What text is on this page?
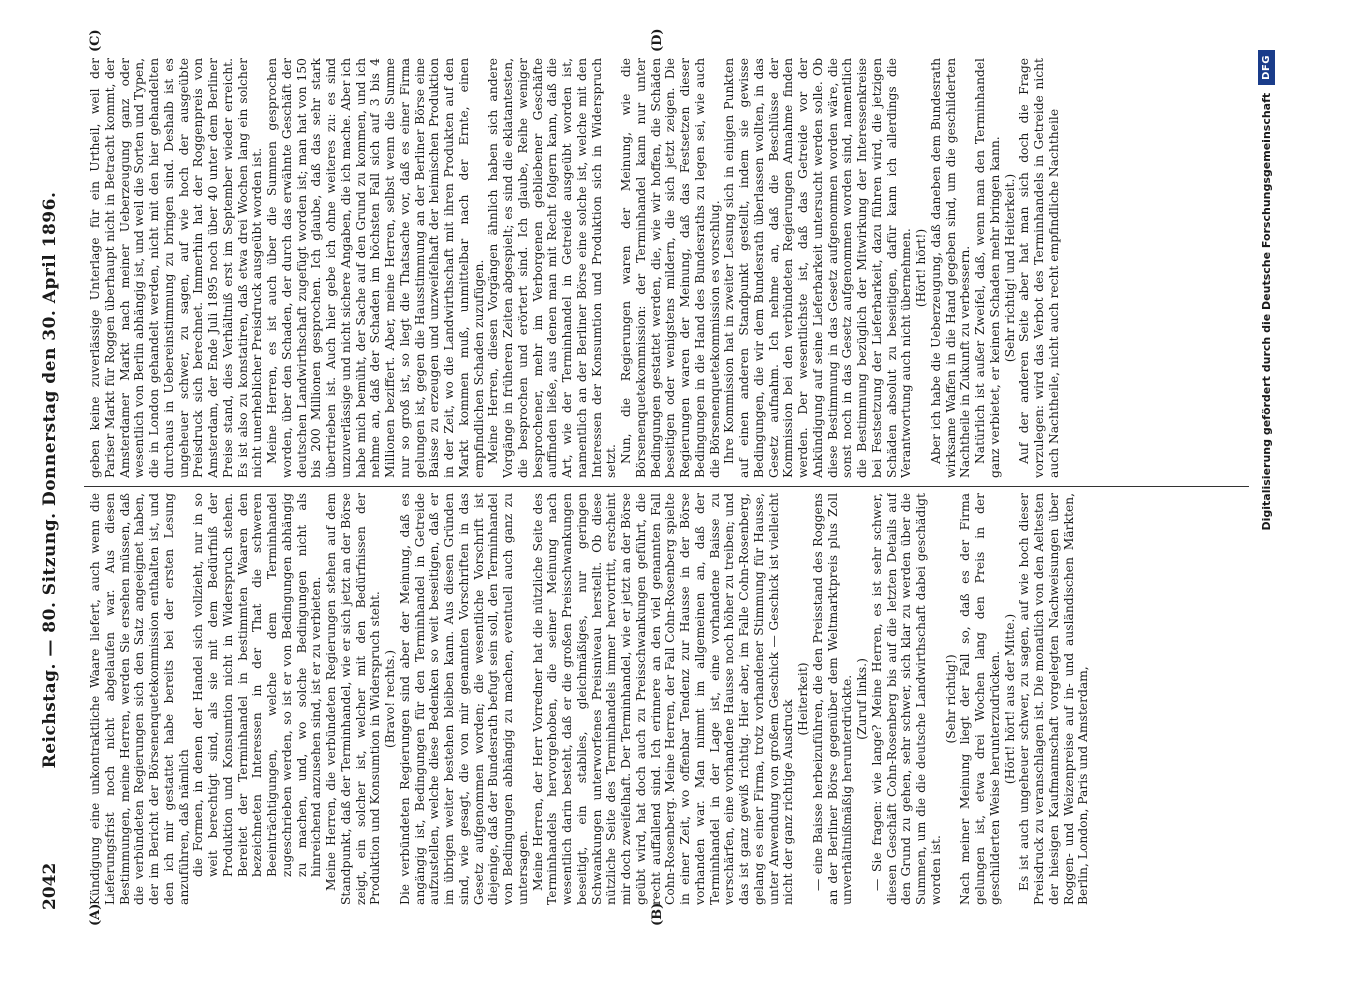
2042
Reichstag. — 80. Sitzung. Donnerstag den 30. April 1896.
(A)	(B)
(C)	(D)

Kündigung eine unkontraktliche Waare liefert, auch wenn die Lieferungsfrist noch nicht abgelaufen war. Aus diesen Bestimmungen, meine Herren, werden Sie ersehen müssen, daß die verbündeten Regierungen sich den Satz angeeignet haben, der im Bericht der Börsenenquetekommission enthalten ist, und den ich mir gestattet habe bereits bei der ersten Lesung anzuführen, daß nämlich die Formen, in denen der Handel sich vollzieht, nur in so weit berechtigt sind, als sie mit dem Bedürfniß der Produktion und Konsumtion nicht in Widerspruch stehen. Bereitet der Terminhandel in bestimmten Waaren den bezeichneten Interessen in der That die schweren Beeinträchtigungen, welche dem Terminhandel zugeschrieben werden, so ist er von Bedingungen abhängig zu machen, und, wo solche Bedingungen nicht als hinreichend anzusehen sind, ist er zu verbieten. Meine Herren, die verbündeten Regierungen stehen auf dem Standpunkt, daß der Terminhandel, wie er sich jetzt an der Börse zeigt, ein solcher ist, welcher mit den Bedürfnissen der Produktion und Konsumtion in Widerspruch steht. (Bravo! rechts.) Die verbündeten Regierungen sind aber der Meinung, daß es angängig ist, Bedingungen für den Terminhandel in Getreide aufzustellen, welche diese Bedenken so weit beseitigen, daß er im übrigen weiter bestehen bleiben kann. Aus diesen Gründen sind, wie gesagt, die von mir genannten Vorschriften in das Gesetz aufgenommen worden; die wesentliche Vorschrift ist diejenige, daß der Bundesrath befugt sein soll, den Terminhandel von Bedingungen abhängig zu machen, eventuell auch ganz zu untersagen. Meine Herren, der Herr Vorredner hat die nützliche Seite des Terminhandels hervorgehoben, die seiner Meinung nach wesentlich darin besteht, daß er die großen Preisschwankungen beseitigt, ein stabiles, gleichmäßiges, nur geringen Schwankungen unterworfenes Preisniveau herstellt. Ob diese nützliche Seite des Terminhandels immer hervortritt, erscheint mir doch zweifelhaft. Der Terminhandel, wie er jetzt an der Börse geübt wird, hat doch auch zu Preisschwankungen geführt, die recht auffallend sind. Ich erinnere an den viel genannten Fall Cohn-Rosenberg. Meine Herren, der Fall Cohn-Rosenberg spielte in einer Zeit, wo offenbar Tendenz zur Hausse in der Börse vorhanden war. Man nimmt im allgemeinen an, daß der Terminhandel in der Lage ist, eine vorhandene Baisse zu verschärfen, eine vorhandene Hausse noch höher zu treiben; und das ist ganz gewiß richtig. Hier aber, im Falle Cohn-Rosenberg, gelang es einer Firma, trotz vorhandener Stimmung für Hausse, unter Anwendung von großem Geschick — Geschick ist vielleicht nicht der ganz richtige Ausdruck

(Heiterkeit) — eine Baisse herbeizuführen, die den Preisstand des Roggens an der Berliner Börse gegenüber dem Weltmarktpreis plus Zoll unverhältnißmäßig herunterdrückte. (Zuruf links.) — Sie fragen: wie lange? Meine Herren, es ist sehr schwer, diesen Geschäft Cohn-Rosenberg bis auf die letzten Details auf den Grund zu gehen, sehr schwer, sich klar zu werden über die Summen, um die die deutsche Landwirthschaft dabei geschädigt worden ist.

(Sehr richtig!) Nach meiner Meinung liegt der Fall so, daß es der Firma gelungen ist, etwa drei Wochen lang den Preis in der geschilderten Weise herunterzudrücken. (Hört! hört! aus der Mitte.) Es ist auch ungeheuer schwer, zu sagen, auf wie hoch dieser Preisdruck zu veranschlagen ist. Die monatlich von den Aeltesten der hiesigen Kaufmannschaft vorgelegten Nachweisungen über Roggen- und Weizenpreise auf in- und ausländischen Märkten, Berlin, London, Paris und Amsterdam,

geben keine zuverlässige Unterlage für ein Urtheil, weil der Pariser Markt für Roggen überhaupt nicht in Betracht kommt, der Amsterdamer Markt nach meiner Ueberzeugung ganz oder wesentlich von Berlin abhängig ist, und weil die Sorten und Typen, die in London gehandelt werden, nicht mit den hier gehandelten durchaus in Uebereinstimmung zu bringen sind. Deshalb ist es ungeheuer schwer, zu sagen, auf wie hoch der ausgeübte Preisdruck sich berechnet. Immerhin hat der Roggenpreis von Amsterdam, der Ende Juli 1895 noch über 40 unter dem Berliner Preise stand, dies Verhältniß erst im September wieder erreicht. Es ist also zu konstatiren, daß etwa drei Wochen lang ein solcher nicht unerheblicher Preisdruck ausgeübt worden ist. Meine Herren, es ist auch über die Summen gesprochen worden, über den Schaden, der durch das erwähnte Geschäft der deutschen Landwirthschaft zugefügt worden ist; man hat von 150 bis 200 Millionen gesprochen. Ich glaube, daß das sehr stark übertrieben ist. Auch hier gebe ich ohne weiteres zu: es sind unzuverlässige und nicht sichere Angaben, die ich mache. Aber ich habe mich bemüht, der Sache auf den Grund zu kommen, und ich nehme an, daß der Schaden im höchsten Fall sich auf 3 bis 4 Millionen beziffert. Aber, meine Herren, selbst wenn die Summe nur so groß ist, so liegt die Thatsache vor, daß es einer Firma gelungen ist, gegen die Hausstimmung an der Berliner Börse eine Baisse zu erzeugen und unzweifelhaft der heimischen Produktion in der Zeit, wo die Landwirthschaft mit ihren Produkten auf den Markt kommen muß, unmittelbar nach der Ernte, einen empfindlichen Schaden zuzufügen. Meine Herren, diesen Vorgängen ähnlich haben sich andere Vorgänge in früheren Zeiten abgespielt; es sind die eklatantesten, die besprochen und erörtert sind. Ich glaube, Reihe weniger besprochener, mehr im Verborgenen gebliebener Geschäfte auffinden ließe, aus denen man mit Recht folgern kann, daß die Art, wie der Terminhandel in Getreide ausgeübt worden ist, namentlich an der Berliner Börse eine solche ist, welche mit den Interessen der Konsumtion und Produktion sich in Widerspruch setzt. Nun, die Regierungen waren der Meinung, wie die Börsenenquetekommission: der Terminhandel kann nur unter Bedingungen gestattet werden, die, wie wir hoffen, die Schäden beseitigen oder wenigstens mildern, die sich jetzt zeigen. Die Regierungen waren der Meinung, daß das Festsetzen dieser Bedingungen in die Hand des Bundesraths zu legen sei, wie auch die Börsenenquetekommission es vorschlug. Ihre Kommission hat in zweiter Lesung sich in einigen Punkten auf einen anderen Standpunkt gestellt, indem sie gewisse Bedingungen, die wir dem Bundesrath überlassen wollten, in das Gesetz aufnahm. Ich nehme an, daß die Beschlüsse der Kommission bei den verbündeten Regierungen Annahme finden werden. Der wesentlichste ist, daß das Getreide vor der Ankündigung auf seine Lieferbarkeit untersucht werden solle. Ob diese Bestimmung in das Gesetz aufgenommen worden wäre, die sonst noch in das Gesetz aufgenommen worden sind, namentlich die Bestimmung bezüglich der Mitwirkung der Interessenkreise bei Festsetzung der Lieferbarkeit, dazu führen wird, die jetzigen Schäden absolut zu beseitigen, dafür kann ich allerdings die Verantwortung auch nicht übernehmen. (Hört! hört!) Aber ich habe die Ueberzeugung, daß daneben dem Bundesrath wirksame Waffen in die Hand gegeben sind, um die geschilderten Nachtheile in Zukunft zu verbessern. Natürlich ist außer Zweifel, daß, wenn man den Terminhandel ganz verbietet, er keinen Schaden mehr bringen kann. (Sehr richtig! und Heiterkeit.) Auf der anderen Seite aber hat man sich doch die Frage vorzulegen: wird das Verbot des Terminhandels in Getreide nicht auch Nachtheile, nicht auch recht empfindliche Nachtheile	Digitalisierung gefördert durch die Deutsche Forschungsgemeinschaft
DFG
